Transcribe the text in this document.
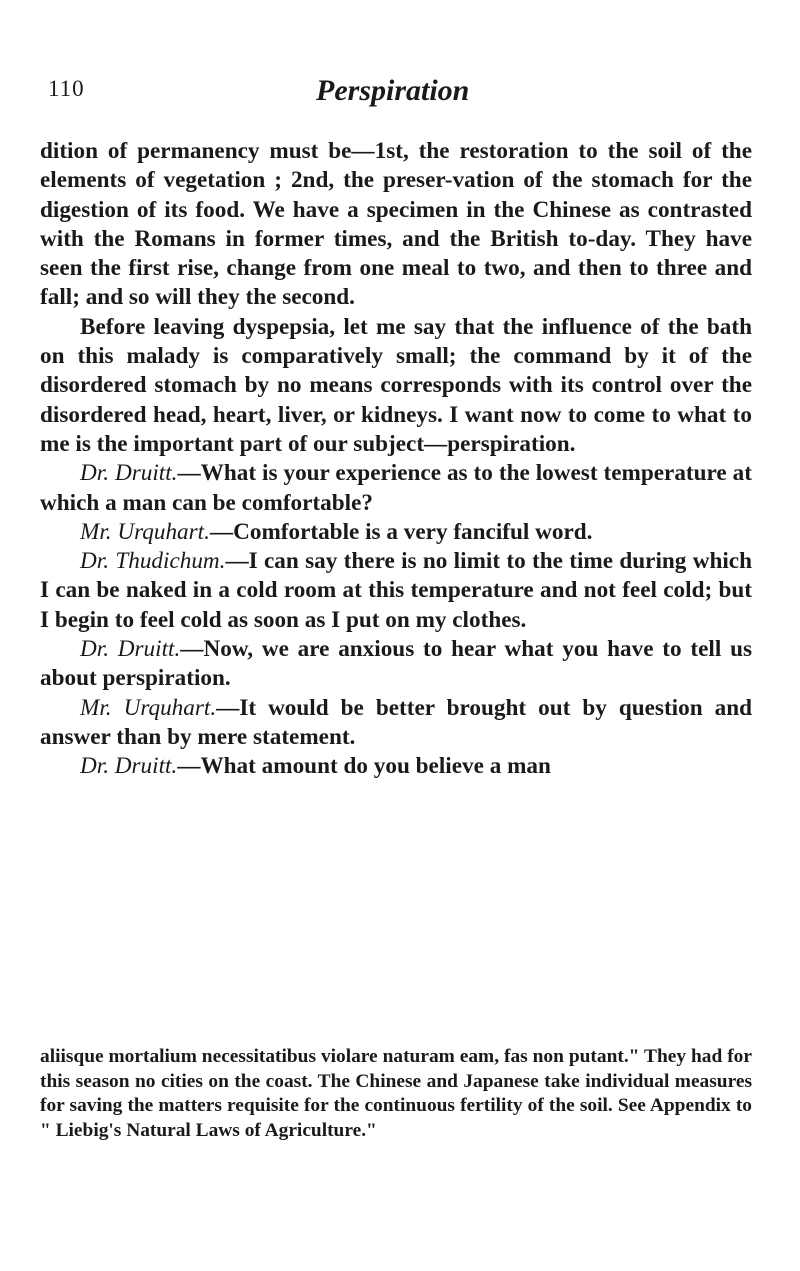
110	Perspiration

dition of permanency must be—1st, the restoration to the soil of the elements of vegetation ; 2nd, the preser-vation of the stomach for the digestion of its food. We have a specimen in the Chinese as contrasted with the Romans in former times, and the British to-day. They have seen the first rise, change from one meal to two, and then to three and fall; and so will they the second.

Before leaving dyspepsia, let me say that the influence of the bath on this malady is comparatively small; the command by it of the disordered stomach by no means corresponds with its control over the disordered head, heart, liver, or kidneys. I want now to come to what to me is the important part of our subject—perspiration.

Dr. Druitt.—What is your experience as to the lowest temperature at which a man can be comfortable?

Mr. Urquhart.—Comfortable is a very fanciful word.

Dr. Thudichum.—I can say there is no limit to the time during which I can be naked in a cold room at this temperature and not feel cold; but I begin to feel cold as soon as I put on my clothes.

Dr. Druitt.—Now, we are anxious to hear what you have to tell us about perspiration.

Mr. Urquhart.—It would be better brought out by question and answer than by mere statement.

Dr. Druitt.—What amount do you believe a man

aliisque mortalium necessitatibus violare naturam eam, fas non putant." They had for this season no cities on the coast. The Chinese and Japanese take individual measures for saving the matters requisite for the continuous fertility of the soil. See Appendix to " Liebig's Natural Laws of Agriculture."
